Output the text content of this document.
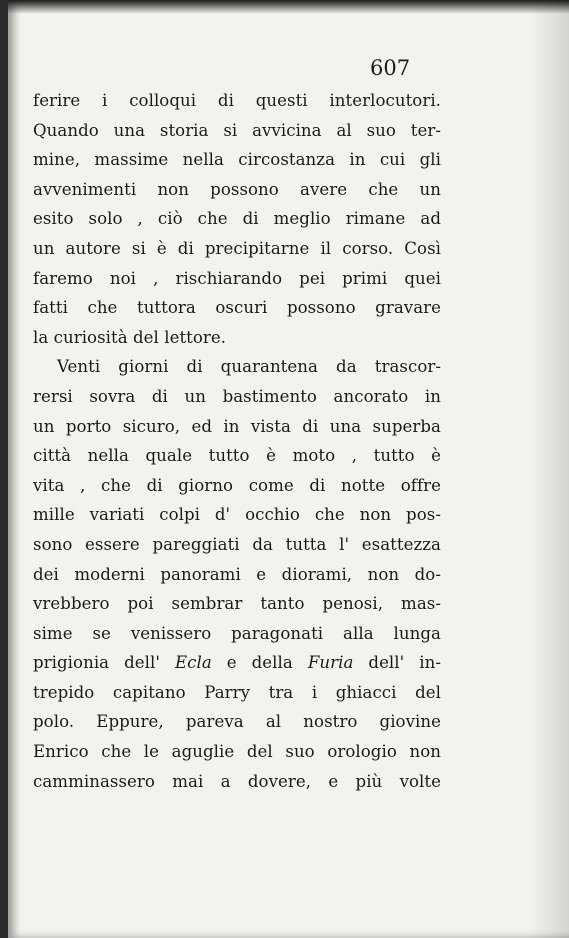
607
ferire i colloqui di questi interlocutori.
Quando una storia si avvicina al suo ter-
mine, massime nella circostanza in cui gli
avvenimenti non possono avere che un
esito solo , ciò che di meglio rimane ad
un autore si è di precipitarne il corso. Così
faremo noi , rischiarando pei primi quei
fatti che tuttora oscuri possono gravare
la curiosità del lettore.
Venti giorni di quarantena da trascor-
rersi sovra di un bastimento ancorato in
un porto sicuro, ed in vista di una superba
città nella quale tutto è moto , tutto è
vita , che di giorno come di notte offre
mille variati colpi d' occhio che non pos-
sono essere pareggiati da tutta l' esattezza
dei moderni panorami e diorami, non do-
vrebbero poi sembrar tanto penosi, mas-
sime se venissero paragonati alla lunga
prigionia dell' Ecla e della Furia dell' in-
trepido capitano Parry tra i ghiacci del
polo. Eppure, pareva al nostro giovine
Enrico che le aguglie del suo orologio non
camminassero mai a dovere, e più volte
